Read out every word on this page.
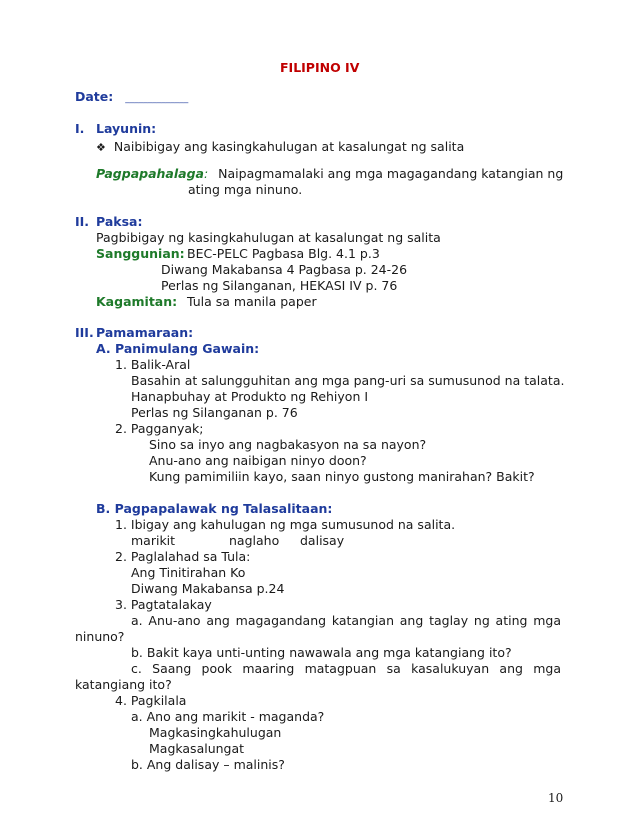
FILIPINO IV
Date: ______________
I. Layunin:
❖ Naibibigay ang kasingkahulugan at kasalungat ng salita
Pagpapahalaga: Naipagmamalaki ang mga magagandang katangian ng
ating mga ninuno.
II. Paksa:
Pagbibigay ng kasingkahulugan at kasalungat ng salita
Sanggunian: BEC-PELC Pagbasa Blg. 4.1 p.3
Diwang Makabansa 4 Pagbasa p. 24-26
Perlas ng Silanganan, HEKASI IV p. 76
Kagamitan: Tula sa manila paper
III. Pamamaraan:
A. Panimulang Gawain:
1. Balik-Aral
Basahin at salungguhitan ang mga pang-uri sa sumusunod na talata.
Hanapbuhay at Produkto ng Rehiyon I
Perlas ng Silanganan p. 76
2. Pagganyak;
Sino sa inyo ang nagbakasyon na sa nayon?
Anu-ano ang naibigan ninyo doon?
Kung pamimiliin kayo, saan ninyo gustong manirahan? Bakit?
B. Pagpapalawak ng Talasalitaan:
1. Ibigay ang kahulugan ng mga sumusunod na salita.
marikit	naglaho dalisay
2. Paglalahad sa Tula:
Ang Tinitirahan Ko
Diwang Makabansa p.24
3. Pagtatalakay
a. Anu-ano ang magagandang katangian ang taglay ng ating mga
ninuno?
b. Bakit kaya unti-unting nawawala ang mga katangiang ito?
c. Saang pook maaring matagpuan sa kasalukuyan ang mga
katangiang ito?
4. Pagkilala
a. Ano ang marikit - maganda?
Magkasingkahulugan
Magkasalungat
b. Ang dalisay – malinis?
10
